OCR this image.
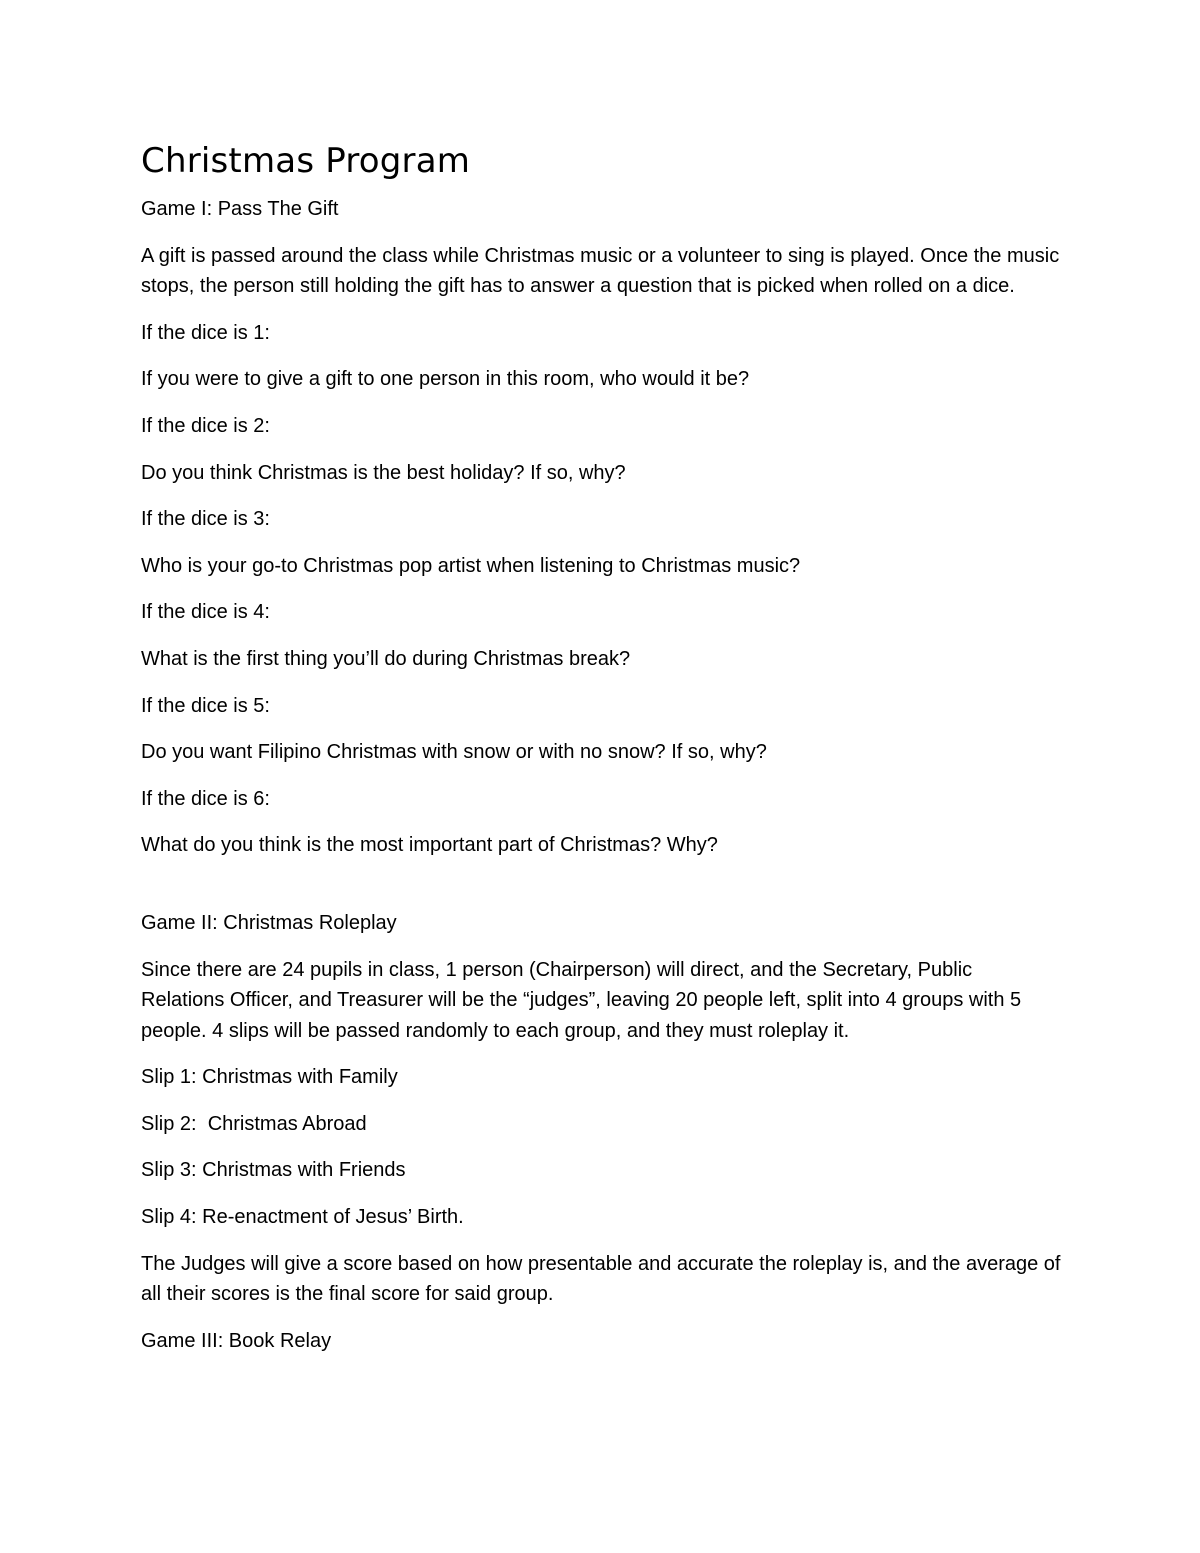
Christmas Program

Game I: Pass The Gift

A gift is passed around the class while Christmas music or a volunteer to sing is played. Once the music stops, the person still holding the gift has to answer a question that is picked when rolled on a dice.

If the dice is 1:

If you were to give a gift to one person in this room, who would it be?

If the dice is 2:

Do you think Christmas is the best holiday? If so, why?

If the dice is 3:

Who is your go-to Christmas pop artist when listening to Christmas music?

If the dice is 4:

What is the first thing you’ll do during Christmas break?

If the dice is 5:

Do you want Filipino Christmas with snow or with no snow? If so, why?

If the dice is 6:

What do you think is the most important part of Christmas? Why?

Game II: Christmas Roleplay

Since there are 24 pupils in class, 1 person (Chairperson) will direct, and the Secretary, Public Relations Officer, and Treasurer will be the “judges”, leaving 20 people left, split into 4 groups with 5 people. 4 slips will be passed randomly to each group, and they must roleplay it.

Slip 1: Christmas with Family

Slip 2:  Christmas Abroad

Slip 3: Christmas with Friends

Slip 4: Re-enactment of Jesus’ Birth.

The Judges will give a score based on how presentable and accurate the roleplay is, and the average of all their scores is the final score for said group.

Game III: Book Relay
